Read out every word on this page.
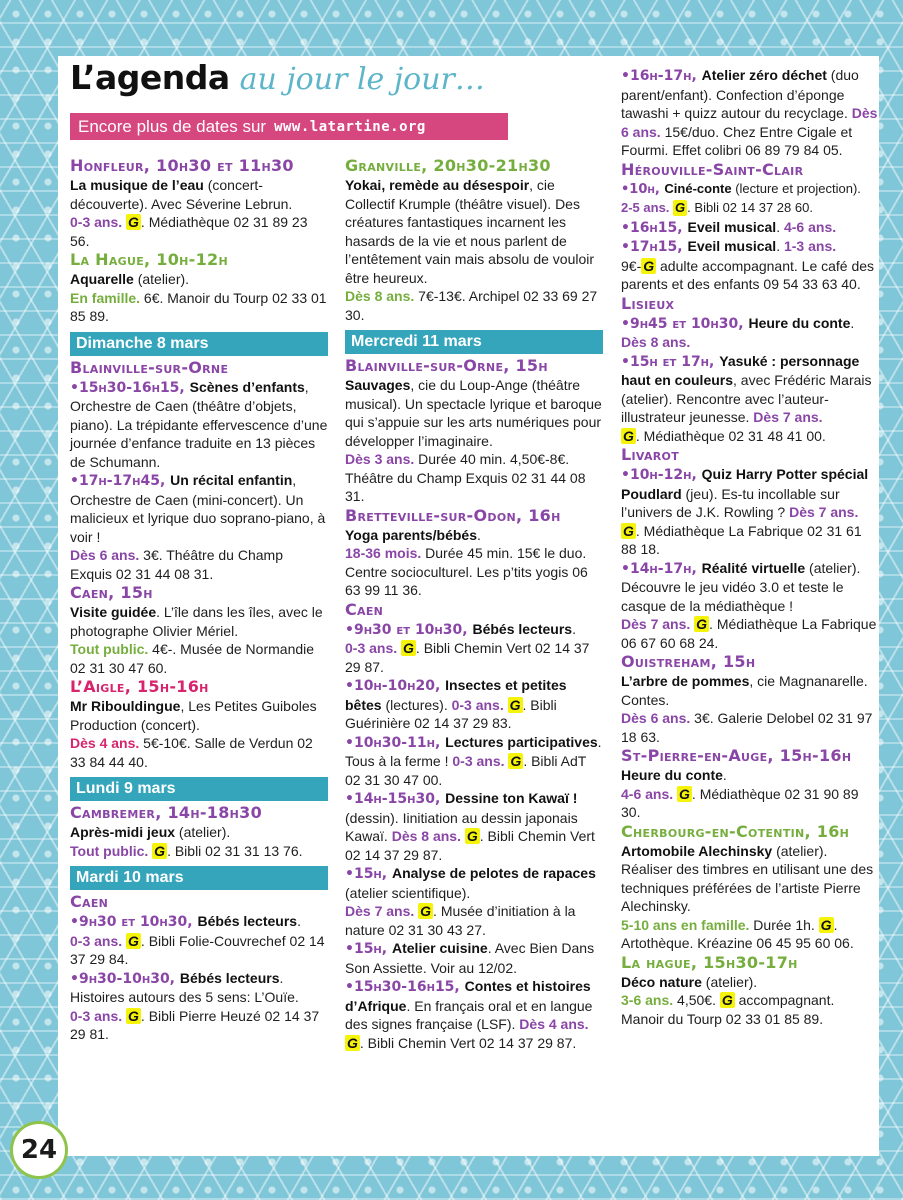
L’agenda au jour le jour…
Encore plus de dates sur www.latartine.org

Honfleur, 10h30 et 11h30

La musique de l’eau (concert-découverte). Avec Séverine Lebrun.
0-3 ans. G . Médiathèque 02 31 89 23 56.

La Hague, 10h-12h

Aquarelle (atelier).
En famille. 6€. Manoir du Tourp 02 33 01 85 89.

Dimanche 8 mars

Blainville-sur-Orne

•15h30-16h15, Scènes d’enfants, Orchestre de Caen (théâtre d’objets, piano). La trépidante effervescence d’une journée d’enfance traduite en 13 pièces de Schumann.

•17h-17h45, Un récital enfantin, Orchestre de Caen (mini-concert). Un malicieux et lyrique duo soprano-piano, à voir !
Dès 6 ans. 3€. Théâtre du Champ Exquis 02 31 44 08 31.

Caen, 15h

Visite guidée. L’île dans les îles, avec le photographe Olivier Mériel.
Tout public. 4€-. Musée de Normandie 02 31 30 47 60.

L’Aigle, 15h-16h

Mr Ribouldingue, Les Petites Guiboles Production (concert).
Dès 4 ans. 5€-10€. Salle de Verdun 02 33 84 44 40.

Lundi 9 mars

Cambremer, 14h-18h30

Après-midi jeux (atelier).
Tout public. G . Bibli 02 31 31 13 76.

Mardi 10 mars

Caen

•9h30 et 10h30, Bébés lecteurs.
0-3 ans. G . Bibli Folie-Couvrechef 02 14 37 29 84.

•9h30-10h30, Bébés lecteurs. Histoires autours des 5 sens: L’Ouïe.
0-3 ans. G . Bibli Pierre Heuzé 02 14 37 29 81.

Granville, 20h30-21h30

Yokai, remède au désespoir, cie Collectif Krumple (théâtre visuel). Des créatures fantastiques incarnent les hasards de la vie et nous parlent de l’entêtement vain mais absolu de vouloir être heureux.
Dès 8 ans. 7€-13€. Archipel 02 33 69 27 30.

Mercredi 11 mars

Blainville-sur-Orne, 15h

Sauvages, cie du Loup-Ange (théâtre musical). Un spectacle lyrique et baroque qui s’appuie sur les arts numériques pour développer l’imaginaire.
Dès 3 ans. Durée 40 min. 4,50€-8€. Théâtre du Champ Exquis 02 31 44 08 31.

Bretteville-sur-Odon, 16h

Yoga parents/bébés.
18-36 mois. Durée 45 min. 15€ le duo. Centre socioculturel. Les p’tits yogis 06 63 99 11 36.

Caen

•9h30 et 10h30, Bébés lecteurs.
0-3 ans. G . Bibli Chemin Vert 02 14 37 29 87.

•10h-10h20, Insectes et petites bêtes (lectures). 0-3 ans. G . Bibli Guérinière 02 14 37 29 83.

•10h30-11h, Lectures participatives. Tous à la ferme ! 0-3 ans. G . Bibli AdT 02 31 30 47 00.

•14h-15h30, Dessine ton Kawaï ! (dessin). Iinitiation au dessin japonais Kawaï. Dès 8 ans. G . Bibli Chemin Vert 02 14 37 29 87.

•15h, Analyse de pelotes de rapaces (atelier scientifique).
Dès 7 ans. G . Musée d’initiation à la nature 02 31 30 43 27.

•15h, Atelier cuisine. Avec Bien Dans Son Assiette. Voir au 12/02.

•15h30-16h15, Contes et histoires d’Afrique. En français oral et en langue des signes française (LSF). Dès 4 ans. G . Bibli Chemin Vert 02 14 37 29 87.

•16h-17h, Atelier zéro déchet (duo parent/enfant). Confection d’éponge tawashi + quizz autour du recyclage. Dès 6 ans. 15€/duo. Chez Entre Cigale et Fourmi. Effet colibri 06 89 79 84 05.

Hérouville-Saint-Clair

•10h, Ciné-conte (lecture et projection).
2-5 ans. G . Bibli 02 14 37 28 60.

•16h15, Eveil musical. 4-6 ans.

•17h15, Eveil musical. 1-3 ans.
9€- G adulte accompagnant. Le café des parents et des enfants 09 54 33 63 40.

Lisieux

•9h45 et 10h30, Heure du conte.
Dès 8 ans.

•15h et 17h, Yasuké : personnage haut en couleurs, avec Frédéric Marais (atelier). Rencontre avec l’auteur-illustrateur jeunesse. Dès 7 ans.
G . Médiathèque 02 31 48 41 00.

Livarot

•10h-12h, Quiz Harry Potter spécial Poudlard (jeu). Es-tu incollable sur l’univers de J.K. Rowling ? Dès 7 ans.
G . Médiathèque La Fabrique 02 31 61 88 18.

•14h-17h, Réalité virtuelle (atelier). Découvre le jeu vidéo 3.0 et teste le casque de la médiathèque !
Dès 7 ans. G . Médiathèque La Fabrique 06 67 60 68 24.

Ouistreham, 15h

L’arbre de pommes, cie Magnanarelle. Contes.
Dès 6 ans. 3€. Galerie Delobel 02 31 97 18 63.

St-Pierre-en-Auge, 15h-16h

Heure du conte.
4-6 ans. G . Médiathèque 02 31 90 89 30.

Cherbourg-en-Cotentin, 16h

Artomobile Alechinsky (atelier). Réaliser des timbres en utilisant une des techniques préférées de l’artiste Pierre Alechinsky.
5-10 ans en famille. Durée 1h. G . Artothèque. Kréazine 06 45 95 60 06.

La hague, 15h30-17h

Déco nature (atelier).
3-6 ans. 4,50€. G accompagnant. Manoir du Tourp 02 33 01 85 89.

24
